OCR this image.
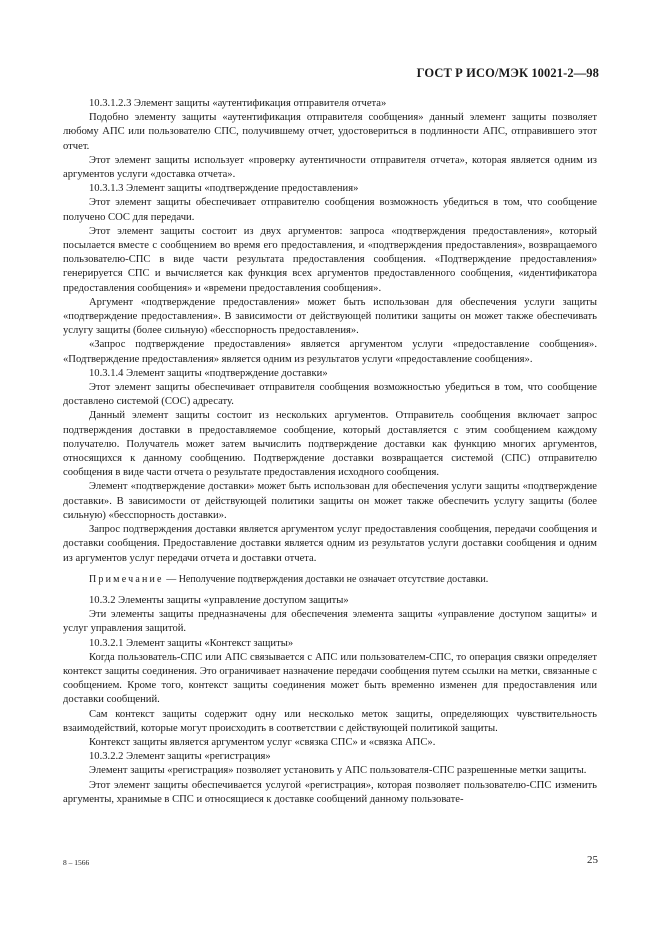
ГОСТ Р ИСО/МЭК 10021-2—98

10.3.1.2.3 Элемент защиты «аутентификация отправителя отчета»

Подобно элементу защиты «аутентификация отправителя сообщения» данный элемент защиты позволяет любому АПС или пользователю СПС, получившему отчет, удостовериться в подлинности АПС, отправившего этот отчет.

Этот элемент защиты использует «проверку аутентичности отправителя отчета», которая является одним из аргументов услуги «доставка отчета».

10.3.1.3 Элемент защиты «подтверждение предоставления»

Этот элемент защиты обеспечивает отправителю сообщения возможность убедиться в том, что сообщение получено СОС для передачи.

Этот элемент защиты состоит из двух аргументов: запроса «подтверждения предоставления», который посылается вместе с сообщением во время его предоставления, и «подтверждения предоставления», возвращаемого пользователю-СПС в виде части результата предоставления сообщения. «Подтверждение предоставления» генерируется СПС и вычисляется как функция всех аргументов предоставленного сообщения, «идентификатора предоставления сообщения» и «времени предоставления сообщения».

Аргумент «подтверждение предоставления» может быть использован для обеспечения услуги защиты «подтверждение предоставления». В зависимости от действующей политики защиты он может также обеспечивать услугу защиты (более сильную) «бесспорность предоставления».

«Запрос подтверждение предоставления» является аргументом услуги «предоставление сообщения». «Подтверждение предоставления» является одним из результатов услуги «предоставление сообщения».

10.3.1.4 Элемент защиты «подтверждение доставки»

Этот элемент защиты обеспечивает отправителя сообщения возможностью убедиться в том, что сообщение доставлено системой (СОС) адресату.

Данный элемент защиты состоит из нескольких аргументов. Отправитель сообщения включает запрос подтверждения доставки в предоставляемое сообщение, который доставляется с этим сообщением каждому получателю. Получатель может затем вычислить подтверждение доставки как функцию многих аргументов, относящихся к данному сообщению. Подтверждение доставки возвращается системой (СПС) отправителю сообщения в виде части отчета о результате предоставления исходного сообщения.

Элемент «подтверждение доставки» может быть использован для обеспечения услуги защиты «подтверждение доставки». В зависимости от действующей политики защиты он может также обеспечить услугу защиты (более сильную) «бесспорность доставки».

Запрос подтверждения доставки является аргументом услуг предоставления сообщения, передачи сообщения и доставки сообщения. Предоставление доставки является одним из результатов услуги доставки сообщения и одним из аргументов услуг передачи отчета и доставки отчета.

Примечание — Неполучение подтверждения доставки не означает отсутствие доставки.

10.3.2 Элементы защиты «управление доступом защиты»

Эти элементы защиты предназначены для обеспечения элемента защиты «управление доступом защиты» и услуг управления защитой.

10.3.2.1 Элемент защиты «Контекст защиты»

Когда пользователь-СПС или АПС связывается с АПС или пользователем-СПС, то операция связки определяет контекст защиты соединения. Это ограничивает назначение передачи сообщения путем ссылки на метки, связанные с сообщением. Кроме того, контекст защиты соединения может быть временно изменен для предоставления или доставки сообщений.

Сам контекст защиты содержит одну или несколько меток защиты, определяющих чувствительность взаимодействий, которые могут происходить в соответствии с действующей политикой защиты.

Контекст защиты является аргументом услуг «связка СПС» и «связка АПС».

10.3.2.2 Элемент защиты «регистрация»

Элемент защиты «регистрация» позволяет установить у АПС пользователя-СПС разрешенные метки защиты.

Этот элемент защиты обеспечивается услугой «регистрация», которая позволяет пользователю-СПС изменить аргументы, хранимые в СПС и относящиеся к доставке сообщений данному пользовате-

8 – 1566	25
